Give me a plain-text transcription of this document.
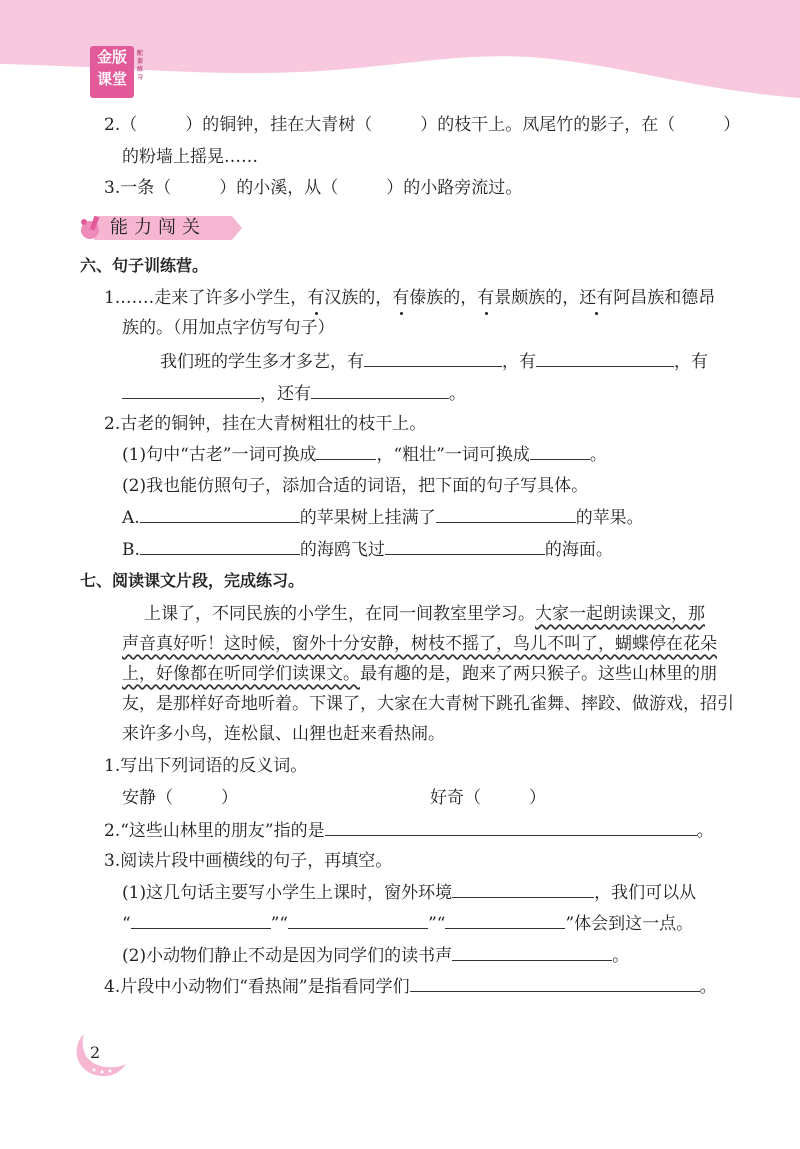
金版
课堂
配套练习
2.（	）的铜钟，挂在大青树（	）的枝干上。凤尾竹的影子，在（	）
的粉墙上摇晃……
3.一条（	）的小溪，从（	）的小路旁流过。
能力闯关
六、句子训练营。
1.……走来了许多小学生，有汉族的，有傣族的，有景颇族的，还有阿昌族和德昂
族的。（用加点字仿写句子）
我们班的学生多才多艺，有	，有	，有
，还有	。
2.古老的铜钟，挂在大青树粗壮的枝干上。
(1)句中“古老”一词可换成	，“粗壮”一词可换成	。
(2)我也能仿照句子，添加合适的词语，把下面的句子写具体。
A.	的苹果树上挂满了	的苹果。
B.	的海鸥飞过	的海面。
七、阅读课文片段，完成练习。
上课了，不同民族的小学生，在同一间教室里学习。大家一起朗读课文，那
声音真好听！这时候，窗外十分安静，树枝不摇了，鸟儿不叫了，蝴蝶停在花朵
上，好像都在听同学们读课文。最有趣的是，跑来了两只猴子。这些山林里的朋
友，是那样好奇地听着。下课了，大家在大青树下跳孔雀舞、摔跤、做游戏，招引
来许多小鸟，连松鼠、山狸也赶来看热闹。
1.写出下列词语的反义词。
安静（	）	好奇（	）
2.“这些山林里的朋友”指的是	。
3.阅读片段中画横线的句子，再填空。
(1)这几句话主要写小学生上课时，窗外环境	，我们可以从
“	”“	”“	”体会到这一点。
(2)小动物们静止不动是因为同学们的读书声	。
4.片段中小动物们“看热闹”是指看同学们	。
2
